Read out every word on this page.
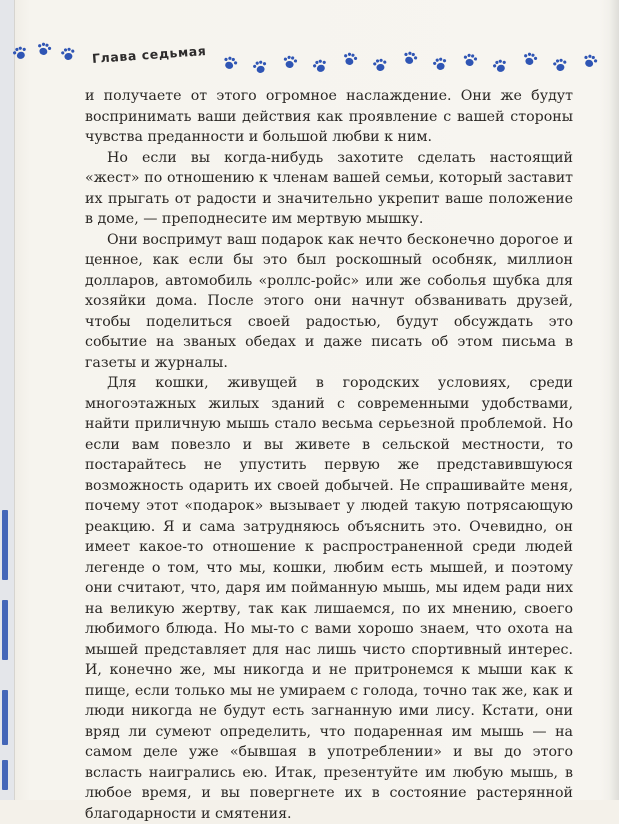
Глава седьмая

и получаете от этого огромное наслаждение. Они же будут воспринимать ваши действия как проявление с вашей стороны чувства преданности и большой любви к ним.

Но если вы когда-нибудь захотите сделать настоящий «жест» по отношению к членам вашей семьи, который заставит их прыгать от радости и значительно укрепит ваше положение в доме, — преподнесите им мертвую мышку.

Они воспримут ваш подарок как нечто бесконечно дорогое и ценное, как если бы это был роскошный особняк, миллион долларов, автомобиль «роллс-ройс» или же соболья шубка для хозяйки дома. После этого они начнут обзванивать друзей, чтобы поделиться своей радостью, будут обсуждать это событие на званых обедах и даже писать об этом письма в газеты и журналы.

Для кошки, живущей в городских условиях, среди многоэтажных жилых зданий с современными удобствами, найти приличную мышь стало весьма серьезной проблемой. Но если вам повезло и вы живете в сельской местности, то постарайтесь не упустить первую же представившуюся возможность одарить их своей добычей. Не спрашивайте меня, почему этот «подарок» вызывает у людей такую потрясающую реакцию. Я и сама затрудняюсь объяснить это. Очевидно, он имеет какое-то отношение к распространенной среди людей легенде о том, что мы, кошки, любим есть мышей, и поэтому они считают, что, даря им пойманную мышь, мы идем ради них на великую жертву, так как лишаемся, по их мнению, своего любимого блюда. Но мы-то с вами хорошо знаем, что охота на мышей представляет для нас лишь чисто спортивный интерес. И, конечно же, мы никогда и не притронемся к мыши как к пище, если только мы не умираем с голода, точно так же, как и люди никогда не будут есть загнанную ими лису. Кстати, они вряд ли сумеют определить, что подаренная им мышь — на самом деле уже «бывшая в употреблении» и вы до этого всласть наигрались ею. Итак, презентуйте им любую мышь, в любое время, и вы повергнете их в состояние растерянной благодарности и смятения.
